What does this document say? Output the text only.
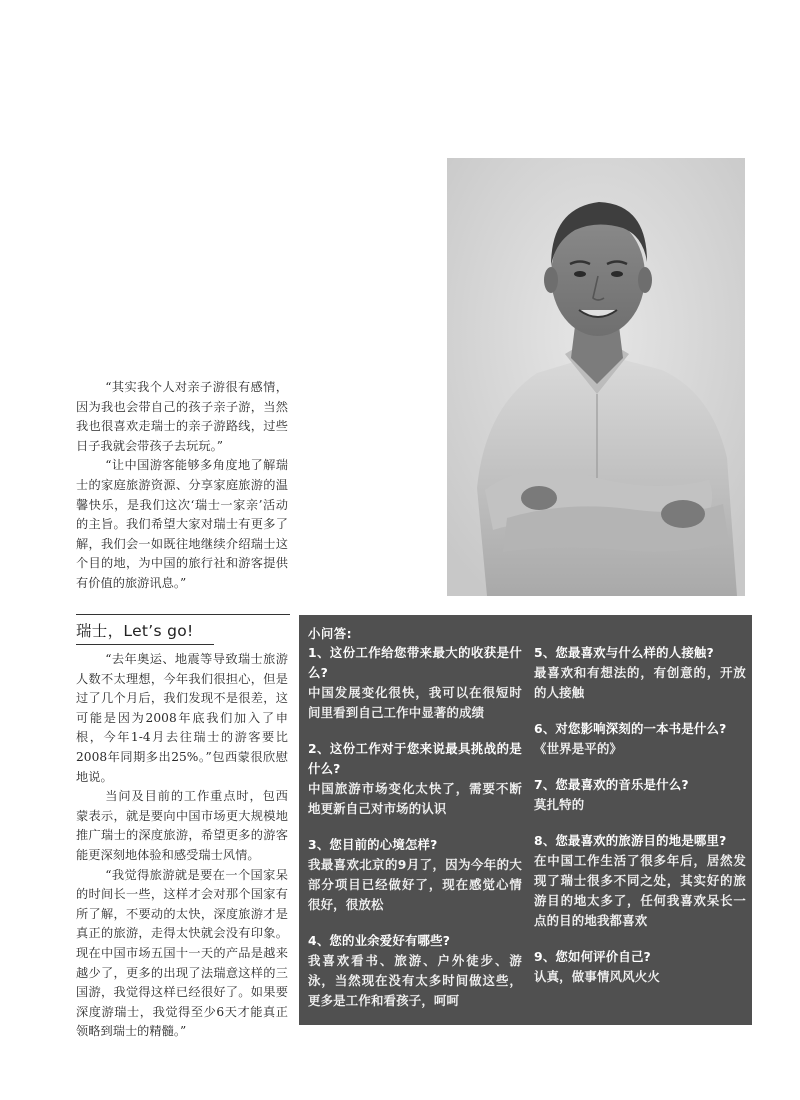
“其实我个人对亲子游很有感情，因为我也会带自己的孩子亲子游，当然我也很喜欢走瑞士的亲子游路线，过些日子我就会带孩子去玩玩。”

“让中国游客能够多角度地了解瑞士的家庭旅游资源、分享家庭旅游的温馨快乐，是我们这次‘瑞士一家亲’活动的主旨。我们希望大家对瑞士有更多了解，我们会一如既往地继续介绍瑞士这个目的地，为中国的旅行社和游客提供有价值的旅游讯息。”

瑞士，Let’s go!

“去年奥运、地震等导致瑞士旅游人数不太理想，今年我们很担心，但是过了几个月后，我们发现不是很差，这可能是因为2008年底我们加入了申根，今年1-4月去往瑞士的游客要比2008年同期多出25%。”包西蒙很欣慰地说。

当问及目前的工作重点时，包西蒙表示，就是要向中国市场更大规模地推广瑞士的深度旅游，希望更多的游客能更深刻地体验和感受瑞士风情。

“我觉得旅游就是要在一个国家呆的时间长一些，这样才会对那个国家有所了解，不要动的太快，深度旅游才是真正的旅游，走得太快就会没有印象。现在中国市场五国十一天的产品是越来越少了，更多的出现了法瑞意这样的三国游，我觉得这样已经很好了。如果要深度游瑞士，我觉得至少6天才能真正领略到瑞士的精髓。”

小问答:
1、这份工作给您带来最大的收获是什么?
中国发展变化很快，我可以在很短时间里看到自己工作中显著的成绩
2、这份工作对于您来说最具挑战的是什么?
中国旅游市场变化太快了，需要不断地更新自己对市场的认识
3、您目前的心境怎样?
我最喜欢北京的9月了，因为今年的大部分项目已经做好了，现在感觉心情很好，很放松
4、您的业余爱好有哪些?
我喜欢看书、旅游、户外徒步、游泳，当然现在没有太多时间做这些，更多是工作和看孩子，呵呵
5、您最喜欢与什么样的人接触?
最喜欢和有想法的，有创意的，开放的人接触
6、对您影响深刻的一本书是什么?
《世界是平的》
7、您最喜欢的音乐是什么?
莫扎特的
8、您最喜欢的旅游目的地是哪里?
在中国工作生活了很多年后，居然发现了瑞士很多不同之处，其实好的旅游目的地太多了，任何我喜欢呆长一点的目的地我都喜欢
9、您如何评价自己?
认真，做事情风风火火
